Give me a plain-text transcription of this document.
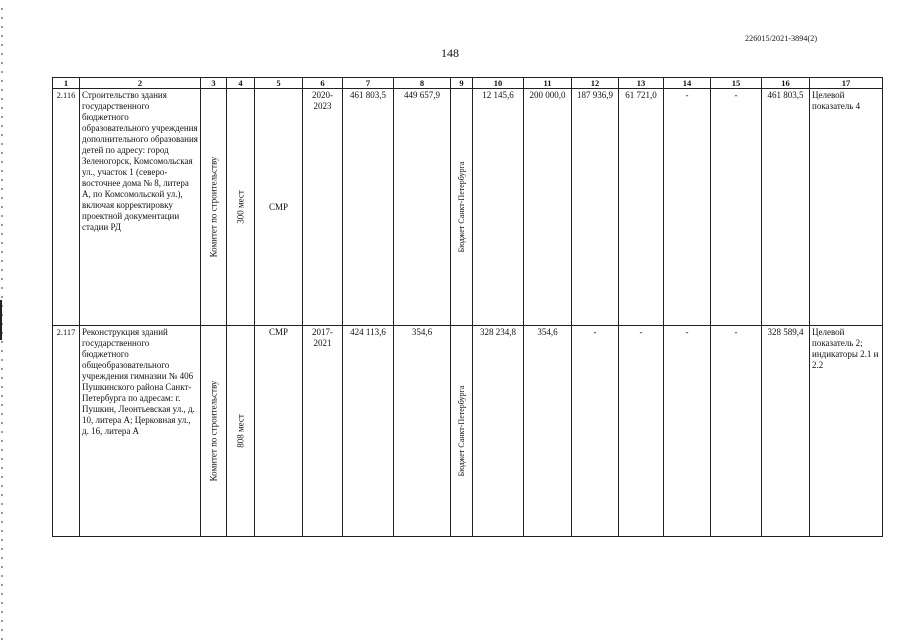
226015/2021-3894(2)
148
1	2	3	4	5	6	7	8	9	10	11	12	13	14	15	16	17
2.116	Строительство здания государственного бюджетного образовательного учреждения дополнительного образования детей по адресу: город Зеленогорск, Комсомольская ул., участок 1 (северо-восточнее дома № 8, литера А, по Комсомольской ул.), включая корректировку проектной документации стадии РД	Комитет по строительству	300 мест	СМР	2020-2023	461 803,5	449 657,9	Бюджет Санкт-Петербурга	12 145,6	200 000,0	187 936,9	61 721,0	-	-	461 803,5	Целевой показатель 4
2.117	Реконструкция зданий государственного бюджетного общеобразовательного учреждения гимназии № 406 Пушкинского района Санкт-Петербурга по адресам: г. Пушкин, Леонтьевская ул., д. 10, литера А; Церковная ул., д. 16, литера А	Комитет по строительству	808 мест	СМР	2017-2021	424 113,6	354,6	Бюджет Санкт-Петербурга	328 234,8	354,6	-	-	-	-	328 589,4	Целевой показатель 2; индикаторы 2.1 и 2.2
